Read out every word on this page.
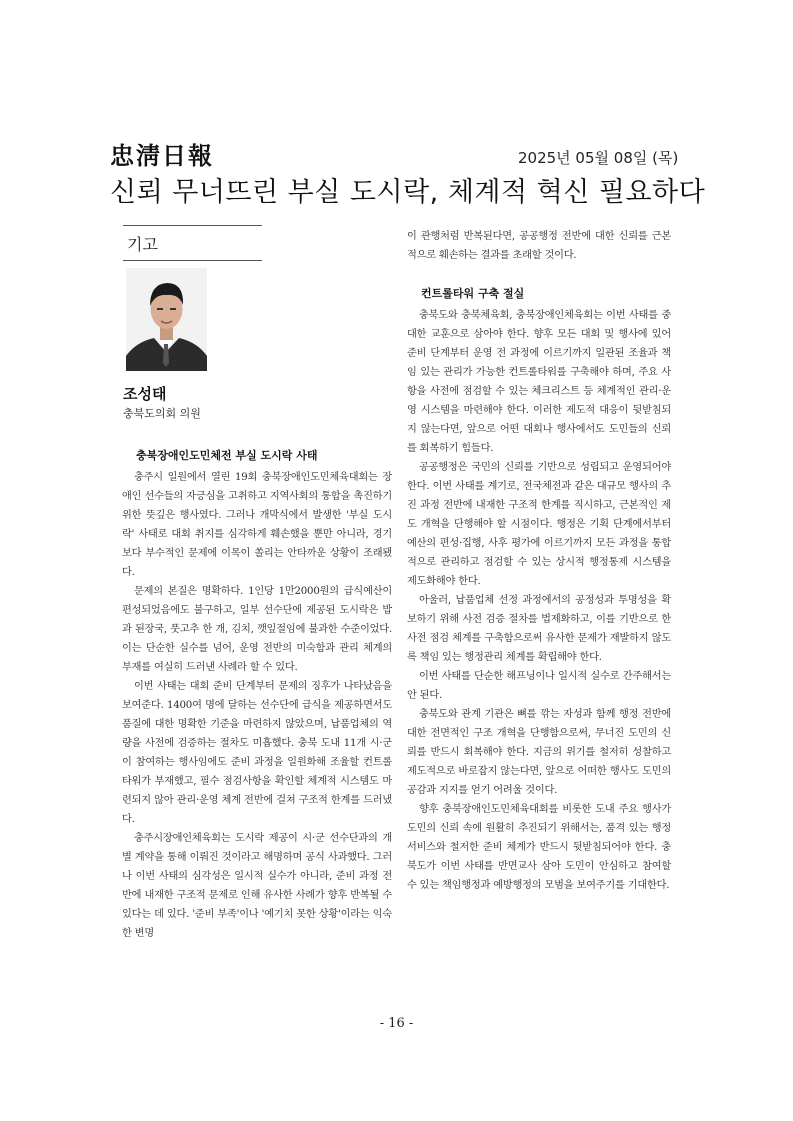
忠淸日報	2025년 05월 08일 (목)
신뢰 무너뜨린 부실 도시락, 체계적 혁신 필요하다
기고
조성태
충북도의회 의원
충북장애인도민체전 부실 도시락 사태

충주시 일원에서 열린 19회 충북장애인도민체육대회는 장애인 선수들의 자긍심을 고취하고 지역사회의 통합을 촉진하기 위한 뜻깊은 행사였다. 그러나 개막식에서 발생한 '부실 도시락' 사태로 대회 취지를 심각하게 훼손했을 뿐만 아니라, 경기보다 부수적인 문제에 이목이 쏠리는 안타까운 상황이 조래됐다.

문제의 본질은 명확하다. 1인당 1만2000원의 급식예산이 편성되었음에도 불구하고, 일부 선수단에 제공된 도시락은 밥과 된장국, 풋고추 한 개, 김치, 깻잎절임에 불과한 수준이었다. 이는 단순한 실수를 넘어, 운영 전반의 미숙함과 관리 체계의 부재를 여실히 드러낸 사례라 할 수 있다.

이번 사태는 대회 준비 단계부터 문제의 징후가 나타났음을 보여준다. 1400여 명에 달하는 선수단에 급식을 제공하면서도 품질에 대한 명확한 기준을 마련하지 않았으며, 납품업체의 역량을 사전에 검증하는 절차도 미흡했다. 충북 도내 11개 시·군이 참여하는 행사임에도 준비 과정을 일원화해 조율할 컨트롤타워가 부재했고, 필수 점검사항을 확인할 체계적 시스템도 마련되지 않아 관리·운영 체계 전반에 걸쳐 구조적 한계를 드러냈다.

충주시장애인체육회는 도시락 제공이 시·군 선수단과의 개별 계약을 통해 이뤄진 것이라고 해명하며 공식 사과했다. 그러나 이번 사태의 심각성은 일시적 실수가 아니라, 준비 과정 전반에 내재한 구조적 문제로 인해 유사한 사례가 향후 반복될 수 있다는 데 있다. '준비 부족'이나 '예기치 못한 상황'이라는 익숙한 변명

이 관행처럼 반복된다면, 공공행정 전반에 대한 신뢰를 근본적으로 훼손하는 결과를 초래할 것이다.

컨트롤타워 구축 절실

충북도와 충북체육회, 충북장애인체육회는 이번 사태를 중대한 교훈으로 삼아야 한다. 향후 모든 대회 및 행사에 있어 준비 단계부터 운영 전 과정에 이르기까지 일관된 조율과 책임 있는 관리가 가능한 컨트롤타워를 구축해야 하며, 주요 사항을 사전에 점검할 수 있는 체크리스트 등 체계적인 관리·운영 시스템을 마련해야 한다. 이러한 제도적 대응이 뒷받침되지 않는다면, 앞으로 어떤 대회나 행사에서도 도민들의 신뢰를 회복하기 힘들다.

공공행정은 국민의 신뢰를 기반으로 성립되고 운영되어야 한다. 이번 사태를 계기로, 전국체전과 같은 대규모 행사의 추진 과정 전반에 내재한 구조적 한계를 직시하고, 근본적인 제도 개혁을 단행해야 할 시점이다. 행정은 기획 단계에서부터 예산의 편성·집행, 사후 평가에 이르기까지 모든 과정을 통합적으로 관리하고 점검할 수 있는 상시적 행정통제 시스템을 제도화해야 한다.

아울러, 납품업체 선정 과정에서의 공정성과 투명성을 확보하기 위해 사전 검증 절차를 법제화하고, 이를 기반으로 한 사전 점검 체계를 구축함으로써 유사한 문제가 재발하지 않도록 책임 있는 행정관리 체계를 확립해야 한다.

이번 사태를 단순한 해프닝이나 일시적 실수로 간주해서는 안 된다.

충북도와 관계 기관은 뼈를 깎는 자성과 함께 행정 전반에 대한 전면적인 구조 개혁을 단행함으로써, 무너진 도민의 신뢰를 반드시 회복해야 한다. 지금의 위기를 철저히 성찰하고 제도적으로 바로잡지 않는다면, 앞으로 어떠한 행사도 도민의 공감과 지지를 얻기 어려울 것이다.

향후 충북장애인도민체육대회를 비롯한 도내 주요 행사가 도민의 신뢰 속에 원활히 추진되기 위해서는, 품격 있는 행정 서비스와 철저한 준비 체계가 반드시 뒷받침되어야 한다. 충북도가 이번 사태를 반면교사 삼아 도민이 안심하고 참여할 수 있는 책임행정과 예방행정의 모범을 보여주기를 기대한다.

- 16 -
